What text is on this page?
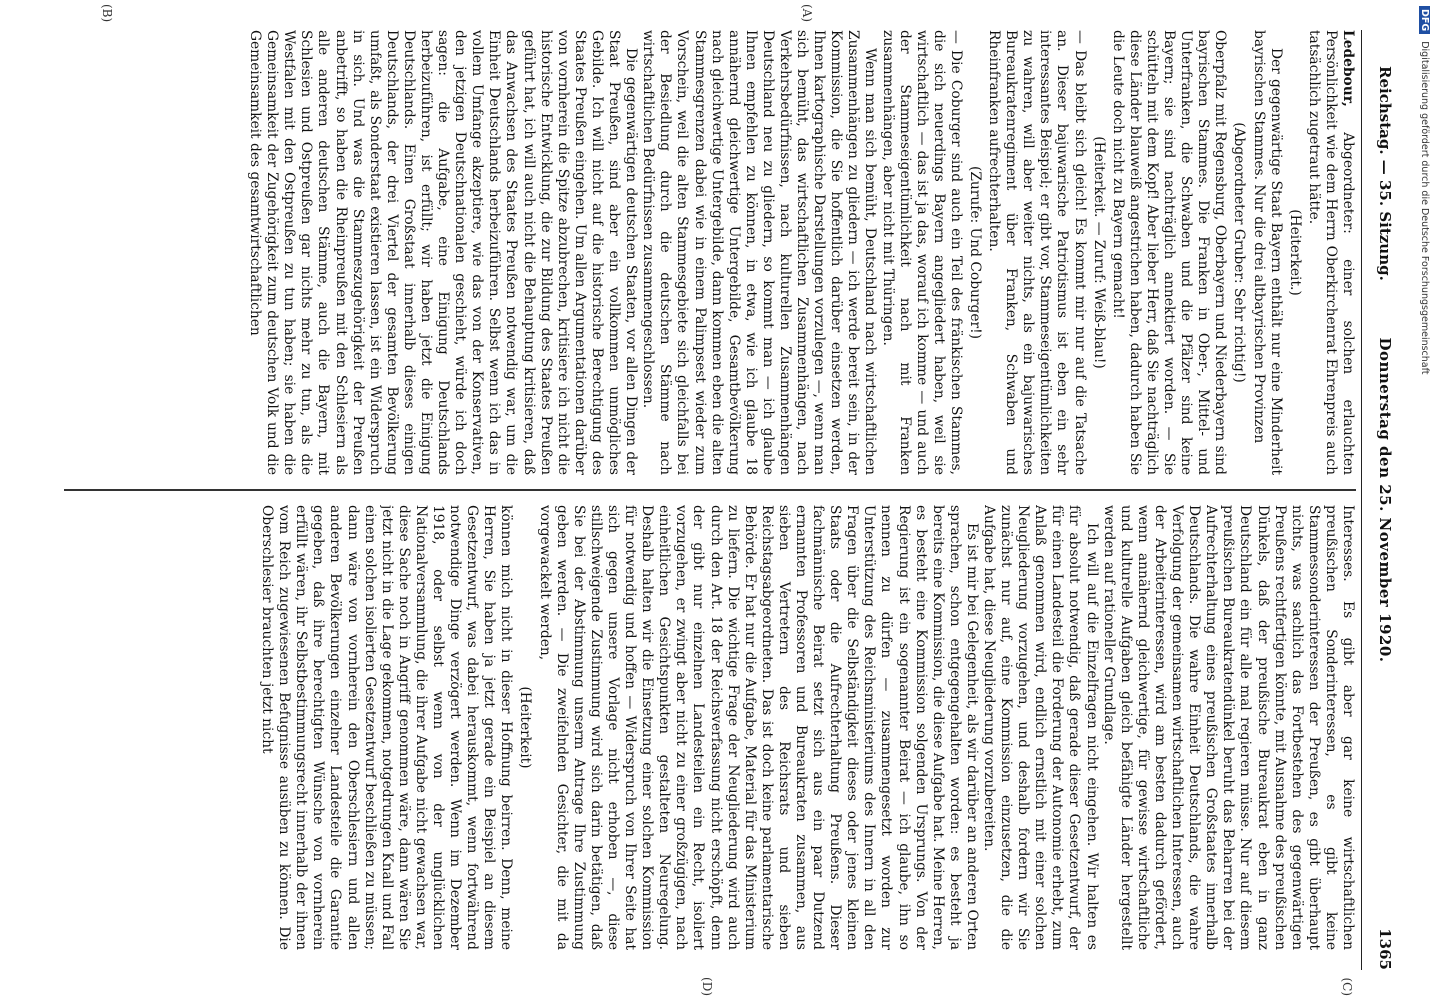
Reichstag. — 35. Sitzung.
Donnerstag den 25. November 1920.
1365
(A)
(B)
(C)
(D)

Ledebour, Abgeordneter: einer solchen erlauchten Persönlichkeit wie dem Herrn Oberkirchenrat Ehrenpreis auch tatsächlich zugetraut hätte.

(Heiterkeit.)

Der gegenwärtige Staat Bayern enthält nur eine Minderheit bayrischen Stammes. Nur die drei altbayrischen Provinzen

(Abgeordneter Gruber: Sehr richtig!)

Oberpfalz mit Regensburg, Oberbayern und Niederbayern sind bayrischen Stammes. Die Franken in Ober-, Mittel- und Unterfranken, die Schwaben und die Pfälzer sind keine Bayern; sie sind nachträglich annektiert worden. — Sie schütteln mit dem Kopf! Aber lieber Herr, daß Sie nachträglich diese Länder blauweiß angestrichen haben, dadurch haben Sie die Leute doch nicht zu Bayern gemacht!

(Heiterkeit. — Zuruf: Weiß-blau!)

— Das bleibt sich gleich! Es kommt mir nur auf die Tatsache an. Dieser bajuwarische Patriotismus ist eben ein sehr interessantes Beispiel; er gibt vor, Stammeseigentümlichkeiten zu wahren, will aber weiter nichts, als ein bajuwarisches Bureaukratenregiment über Franken, Schwaben und Rheinfranken aufrechterhalten.

(Zurufe: Und Coburger!)

— Die Coburger sind auch ein Teil des fränkischen Stammes, die sich neuerdings Bayern angegliedert haben, weil sie wirtschaftlich — das ist ja das, worauf ich komme — und auch der Stammeseigentümlichkeit nach mit Franken zusammenhängen, aber nicht mit Thüringen.

Wenn man sich bemüht, Deutschland nach wirtschaftlichen Zusammenhängen zu gliedern — ich werde bereit sein, in der Kommission, die Sie hoffentlich darüber einsetzen werden, Ihnen kartographische Darstellungen vorzulegen —, wenn man sich bemüht, das wirtschaftlichen Zusammenhängen, nach Verkehrsbedürfnissen, nach kulturellen Zusammenhängen Deutschland neu zu gliedern, so kommt man — ich glaube Ihnen empfehlen zu können, in etwa, wie ich glaube 18 annähernd gleichwertige Untergebilde, Gesamtbevölkerung nach gleichwertige Untergebilde, dann kommen eben die alten Stammesgrenzen dabei wie in einem Palimpsest wieder zum Vorschein, weil die alten Stammesgebiete sich gleichfalls bei der Besiedlung durch die deutschen Stämme nach wirtschaftlichen Bedürfnissen zusammengeschlossen.

Die gegenwärtigen deutschen Staaten, vor allen Dingen der Staat Preußen, sind aber ein vollkommen unmögliches Gebilde. Ich will nicht auf die historische Berechtigung des Staates Preußen eingehen. Um allen Argumentationen darüber von vornherein die Spitze abzubrechen, kritisiere ich nicht die historische Entwicklung, die zur Bildung des Staates Preußen geführt hat, ich will auch nicht die Behauptung kritisieren, daß das Anwachsen des Staates Preußen notwendig war, um die Einheit Deutschlands herbeizuführen. Selbst wenn ich das in vollem Umfange akzeptiere, wie das von der Konservativen, den jetzigen Deutschnationalen geschieht, würde ich doch sagen: die Aufgabe, eine Einigung Deutschlands herbeizuführen, ist erfüllt; wir haben jetzt die Einigung Deutschlands. Einen Großstaat innerhalb dieses einigen Deutschlands, der drei Viertel der gesamten Bevölkerung umfaßt, als Sonderstaat existieren lassen, ist ein Widerspruch in sich. Und was die Stammeszugehörigkeit der Preußen anbetrifft, so haben die Rheinpreußen mit den Schlesiern als alle anderen deutschen Stämme, auch die Bayern, mit Schlesien und Ostpreußen gar nichts mehr zu tun, als die Westfalen mit den Ostpreußen zu tun haben; sie haben die Gemeinsamkeit der Zugehörigkeit zum deutschen Volk und die Gemeinsamkeit des gesamtwirtschaftlichen

Interesses. Es gibt aber gar keine wirtschaftlichen preußischen Sonderinteressen, es gibt keine Stammessonderinteressen der Preußen, es gibt überhaupt nichts, was sachlich das Fortbestehen des gegenwärtigen Preußens rechtfertigen könnte, mit Ausnahme des preußischen Dünkels, daß der preußische Bureaukrat eben in ganz Deutschland ein für alle mal regieren müsse. Nur auf diesem preußischen Bureaukratendünkel beruht das Beharren bei der Aufrechterhaltung eines preußischen Großstaates innerhalb Deutschlands. Die wahre Einheit Deutschlands, die wahre Verfolgung der gemeinsamen wirtschaftlichen Interessen, auch der Arbeiterinteressen, wird am besten dadurch gefördert, wenn annähernd gleichwertige, für gewisse wirtschaftliche und kulturelle Aufgaben gleich befähigte Länder hergestellt werden auf rationeller Grundlage.

Ich will auf die Einzelfragen nicht eingehen. Wir halten es für absolut notwendig, daß gerade dieser Gesetzentwurf, der für einen Landesteil die Forderung der Autonomie erhebt, zum Anlaß genommen wird, endlich ernstlich mit einer solchen Neugliederung vorzugehen, und deshalb fordern wir Sie zunächst nur auf, eine Kommission einzusetzen, die die Aufgabe hat, diese Neugliederung vorzubereiten.

Es ist mir bei Gelegenheit, als wir darüber an anderen Orten sprachen, schon entgegengehalten worden: es besteht ja bereits eine Kommission, die diese Aufgabe hat. Meine Herren, es besteht eine Kommission solgenden Ursprungs. Von der Regierung ist ein sogenannter Beirat — ich glaube, ihn so nennen zu dürfen — zusammengesetzt worden zur Unterstützung des Reichsministeriums des Innern in all den Fragen über die Selbständigkeit dieses oder jenes kleinen Staats oder die Aufrechterhaltung Preußens. Dieser fachmännische Beirat setzt sich aus ein paar Dutzend ernannten Professoren und Bureaukraten zusammen, aus sieben Vertretern des Reichsrats und sieben Reichstagsabgeordneten. Das ist doch keine parlamentarische Behörde. Er hat nur die Aufgabe, Material für das Ministerium zu liefern. Die wichtige Frage der Neugliederung wird auch durch den Art. 18 der Reichsverfassung nicht erschöpft, denn der gibt nur einzelnen Landesteilen ein Recht, isoliert vorzugehen, er zwingt aber nicht zu einer großzügigen, nach einheitlichen Gesichtspunkten gestalteten Neuregelung. Deshalb halten wir die Einsetzung einer solchen Kommission für notwendig und hoffen — Widerspruch von Ihrer Seite hat sich gegen unsere Vorlage nicht erhoben —, diese stillschweigende Zustimmung wird sich darin betätigen, daß Sie bei der Abstimmung unserm Antrage Ihre Zustimmung geben werden. — Die zweifelnden Gesichter, die mit da vorgewackelt werden,

(Heiterkeit)

können mich nicht in dieser Hoffnung beirren. Denn, meine Herren, Sie haben ja jetzt gerade ein Beispiel an diesem Gesetzentwurf, was dabei herauskommt, wenn fortwährend notwendige Dinge verzögert werden. Wenn im Dezember 1918, oder selbst wenn von der unglücklichen Nationalversammlung, die ihrer Aufgabe nicht gewachsen war, diese Sache noch in Angriff genommen wäre, dann wären Sie jetzt nicht in die Lage gekommen, notgedrungen Knall und Fall einen solchen isolierten Gesetzentwurf beschließen zu müssen; dann wäre von vornherein den Oberschlesiern und allen anderen Bevölkerungen einzelner Landesteile die Garantie gegeben, daß ihre berechtigten Wünsche von vornherein erfüllt wären, ihr Selbstbestimmungsrecht innerhalb der ihnen vom Reich zugewiesenen Befugnisse ausüben zu können. Die Oberschlesier brauchten jetzt nicht

DFG Digitalisierung gefördert durch die Deutsche Forschungsgemeinschaft
